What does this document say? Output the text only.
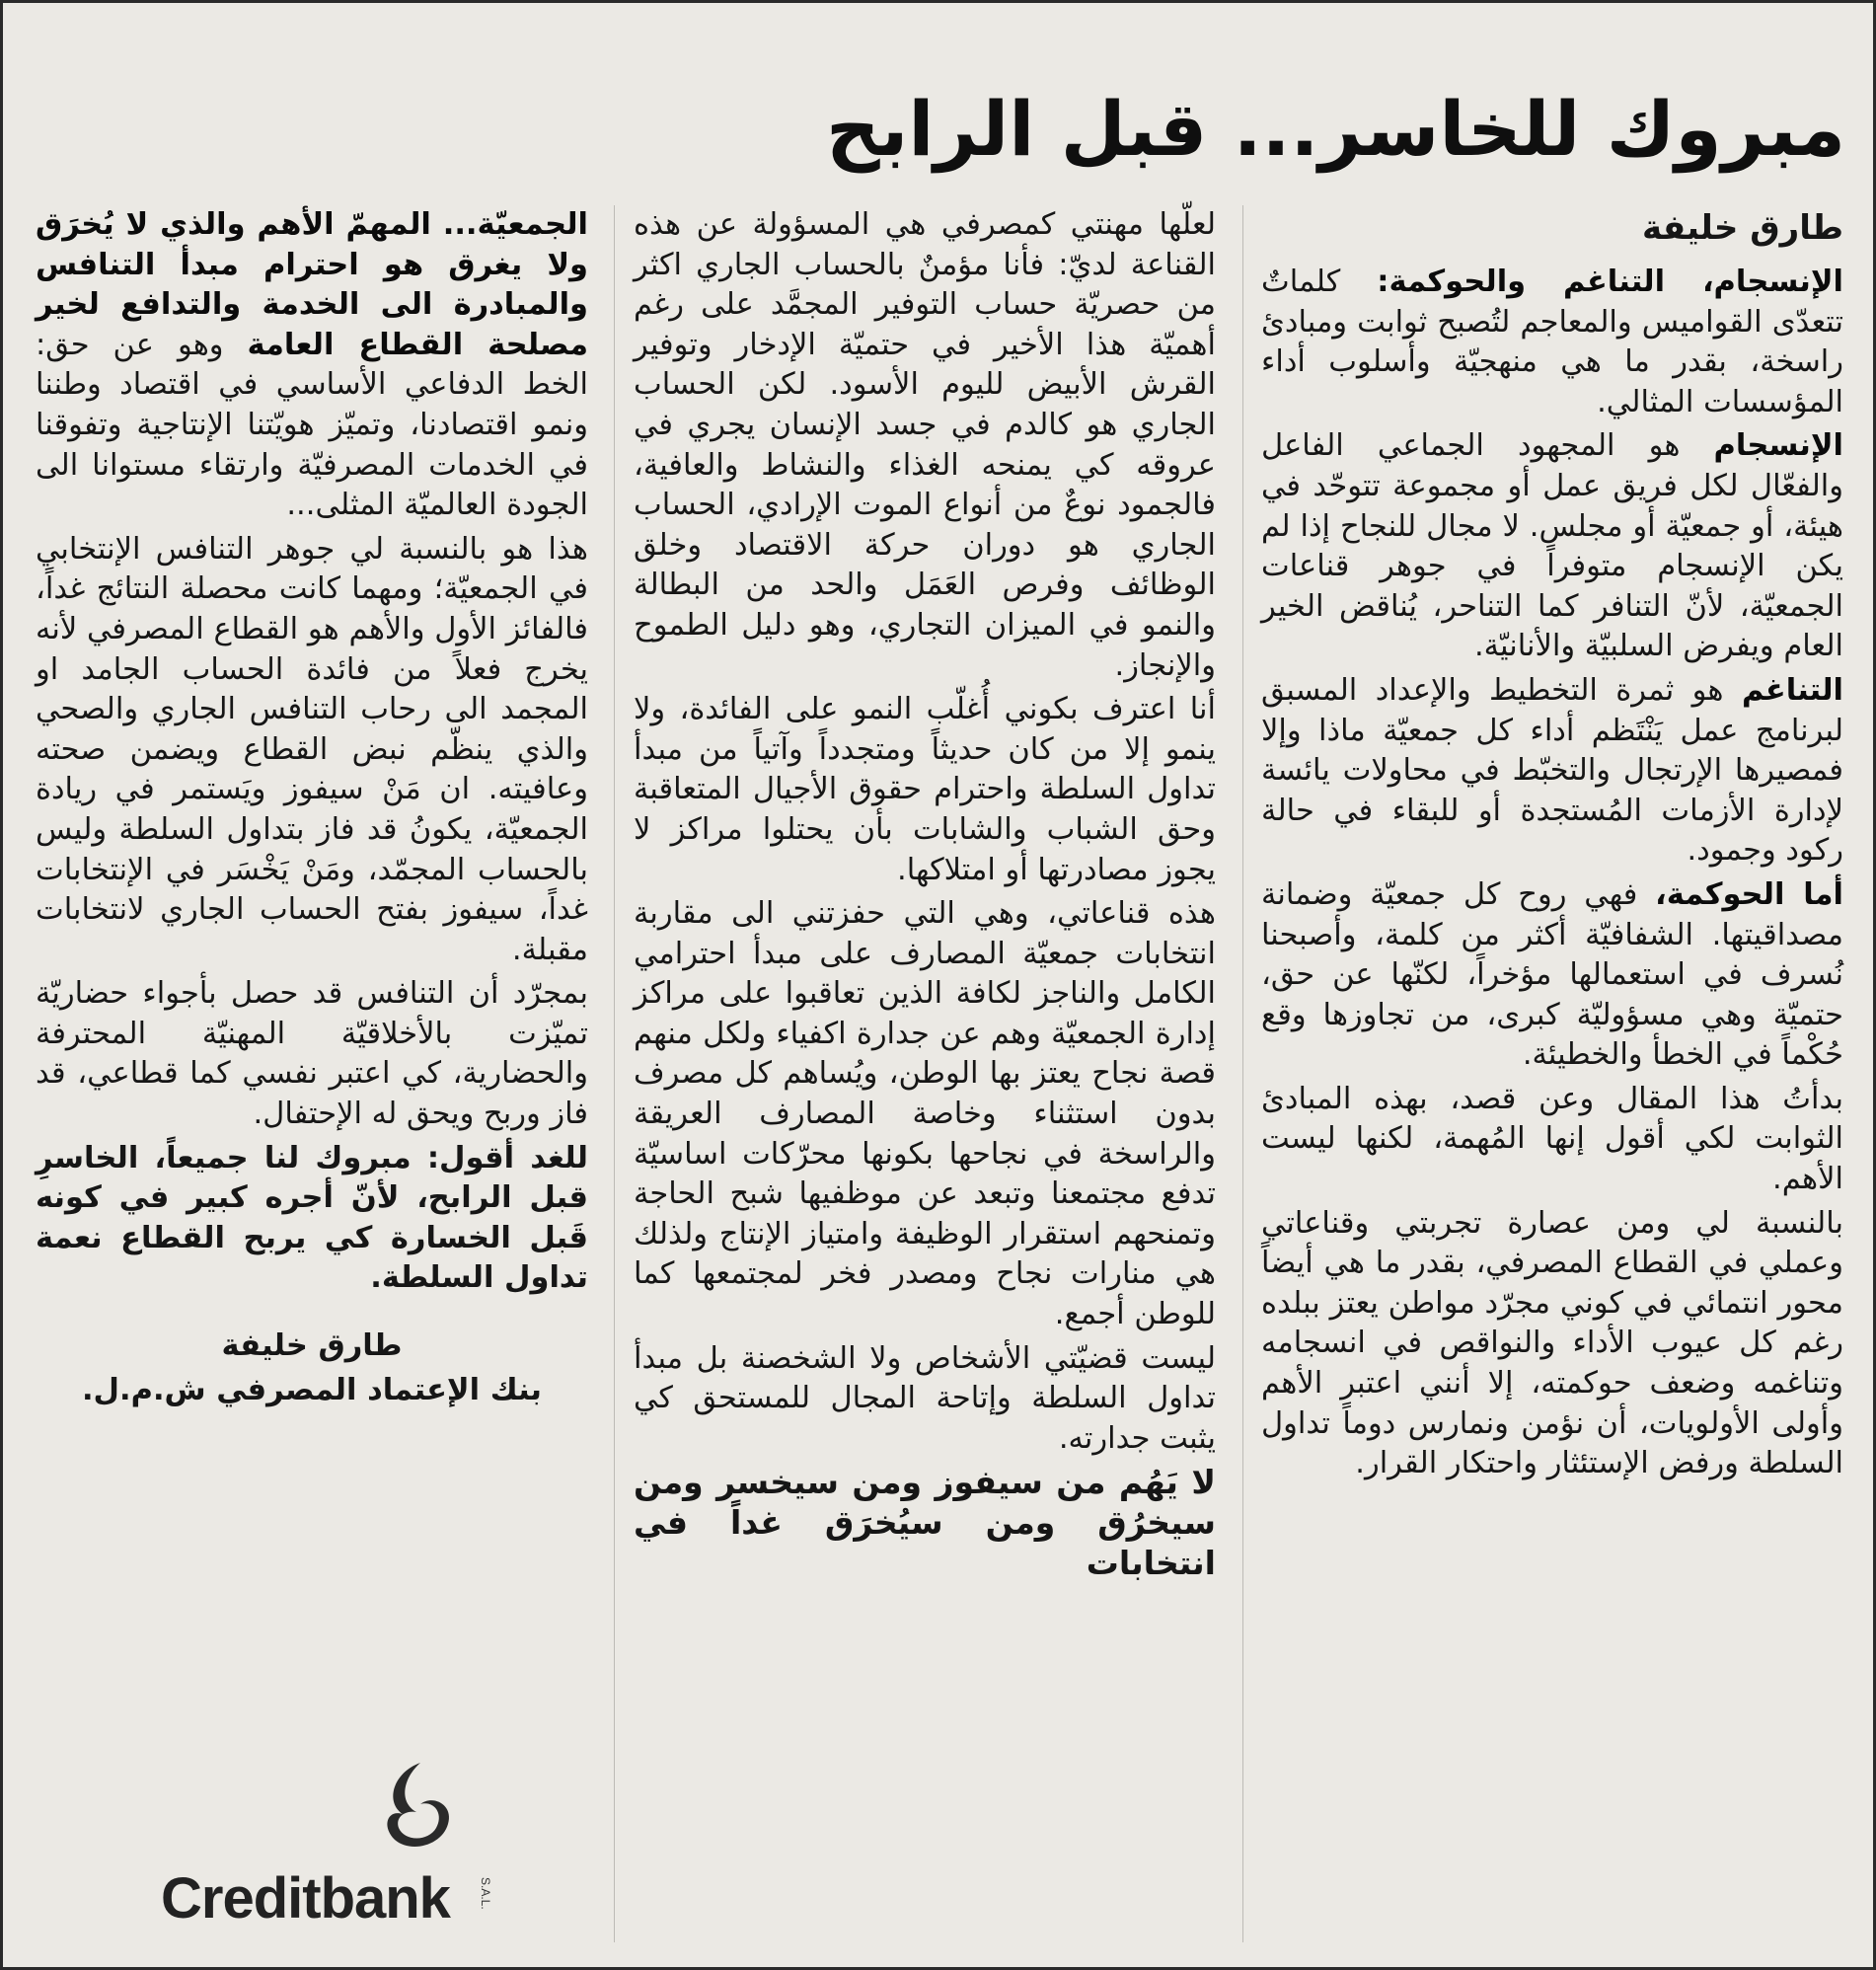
مبروك للخاسر... قبل الرابح

طارق خليفة

الإنسجام، التناغم والحوكمة: كلماتٌ تتعدّى القواميس والمعاجم لتُصبح ثوابت ومبادئ راسخة، بقدر ما هي منهجيّة وأسلوب أداء المؤسسات المثالي.

الإنسجام هو المجهود الجماعي الفاعل والفعّال لكل فريق عمل أو مجموعة تتوحّد في هيئة، أو جمعيّة أو مجلس. لا مجال للنجاح إذا لم يكن الإنسجام متوفراً في جوهر قناعات الجمعيّة، لأنّ التنافر كما التناحر، يُناقض الخير العام ويفرض السلبيّة والأنانيّة.

التناغم هو ثمرة التخطيط والإعداد المسبق لبرنامج عمل يَنْتَظم أداء كل جمعيّة ماذا وإلا فمصيرها الإرتجال والتخبّط في محاولات يائسة لإدارة الأزمات المُستجدة أو للبقاء في حالة ركود وجمود.

أما الحوكمة، فهي روح كل جمعيّة وضمانة مصداقيتها. الشفافيّة أكثر من كلمة، وأصبحنا نُسرف في استعمالها مؤخراً، لكنّها عن حق، حتميّة وهي مسؤوليّة كبرى، من تجاوزها وقع حُكْماً في الخطأ والخطيئة.

بدأتُ هذا المقال وعن قصد، بهذه المبادئ الثوابت لكي أقول إنها المُهمة، لكنها ليست الأهم.

بالنسبة لي ومن عصارة تجربتي وقناعاتي وعملي في القطاع المصرفي، بقدر ما هي أيضاً محور انتمائي في كوني مجرّد مواطن يعتز ببلده رغم كل عيوب الأداء والنواقص في انسجامه وتناغمه وضعف حوكمته، إلا أنني اعتبر الأهم وأولى الأولويات، أن نؤمن ونمارس دوماً تداول السلطة ورفض الإستئثار واحتكار القرار.

لعلّها مهنتي كمصرفي هي المسؤولة عن هذه القناعة لديّ: فأنا مؤمنٌ بالحساب الجاري اكثر من حصريّة حساب التوفير المجمَّد على رغم أهميّة هذا الأخير في حتميّة الإدخار وتوفير القرش الأبيض لليوم الأسود. لكن الحساب الجاري هو كالدم في جسد الإنسان يجري في عروقه كي يمنحه الغذاء والنشاط والعافية، فالجمود نوعٌ من أنواع الموت الإرادي، الحساب الجاري هو دوران حركة الاقتصاد وخلق الوظائف وفرص العَمَل والحد من البطالة والنمو في الميزان التجاري، وهو دليل الطموح والإنجاز.

أنا اعترف بكوني أُغلّب النمو على الفائدة، ولا ينمو إلا من كان حديثاً ومتجدداً وآتياً من مبدأ تداول السلطة واحترام حقوق الأجيال المتعاقبة وحق الشباب والشابات بأن يحتلوا مراكز لا يجوز مصادرتها أو امتلاكها.

هذه قناعاتي، وهي التي حفزتني الى مقاربة انتخابات جمعيّة المصارف على مبدأ احترامي الكامل والناجز لكافة الذين تعاقبوا على مراكز إدارة الجمعيّة وهم عن جدارة اكفياء ولكل منهم قصة نجاح يعتز بها الوطن، ويُساهم كل مصرف بدون استثناء وخاصة المصارف العريقة والراسخة في نجاحها بكونها محرّكات اساسيّة تدفع مجتمعنا وتبعد عن موظفيها شبح الحاجة وتمنحهم استقرار الوظيفة وامتياز الإنتاج ولذلك هي منارات نجاح ومصدر فخر لمجتمعها كما للوطن أجمع.

ليست قضيّتي الأشخاص ولا الشخصنة بل مبدأ تداول السلطة وإتاحة المجال للمستحق كي يثبت جدارته.

لا يَهُم من سيفوز ومن سيخسر ومن سيخرُق ومن سيُخرَق غداً في انتخابات

الجمعيّة... المهمّ الأهم والذي لا يُخرَق ولا يغرق هو احترام مبدأ التنافس والمبادرة الى الخدمة والتدافع لخير مصلحة القطاع العامة وهو عن حق: الخط الدفاعي الأساسي في اقتصاد وطننا ونمو اقتصادنا، وتميّز هويّتنا الإنتاجية وتفوقنا في الخدمات المصرفيّة وارتقاء مستوانا الى الجودة العالميّة المثلى...

هذا هو بالنسبة لي جوهر التنافس الإنتخابي في الجمعيّة؛ ومهما كانت محصلة النتائج غداً، فالفائز الأول والأهم هو القطاع المصرفي لأنه يخرج فعلاً من فائدة الحساب الجامد او المجمد الى رحاب التنافس الجاري والصحي والذي ينظّم نبض القطاع ويضمن صحته وعافيته. ان مَنْ سيفوز ويَستمر في ريادة الجمعيّة، يكونُ قد فاز بتداول السلطة وليس بالحساب المجمّد، ومَنْ يَخْسَر في الإنتخابات غداً، سيفوز بفتح الحساب الجاري لانتخابات مقبلة.

بمجرّد أن التنافس قد حصل بأجواء حضاريّة تميّزت بالأخلاقيّة المهنيّة المحترفة والحضارية، كي اعتبر نفسي كما قطاعي، قد فاز وربح ويحق له الإحتفال.

للغد أقول: مبروك لنا جميعاً، الخاسرِ قبل الرابح، لأنّ أجره كبير في كونه قَبل الخسارة كي يربح القطاع نعمة تداول السلطة.

طارق خليفة

بنك الإعتماد المصرفي ش.م.ل.

Creditbank	S.A.L.
